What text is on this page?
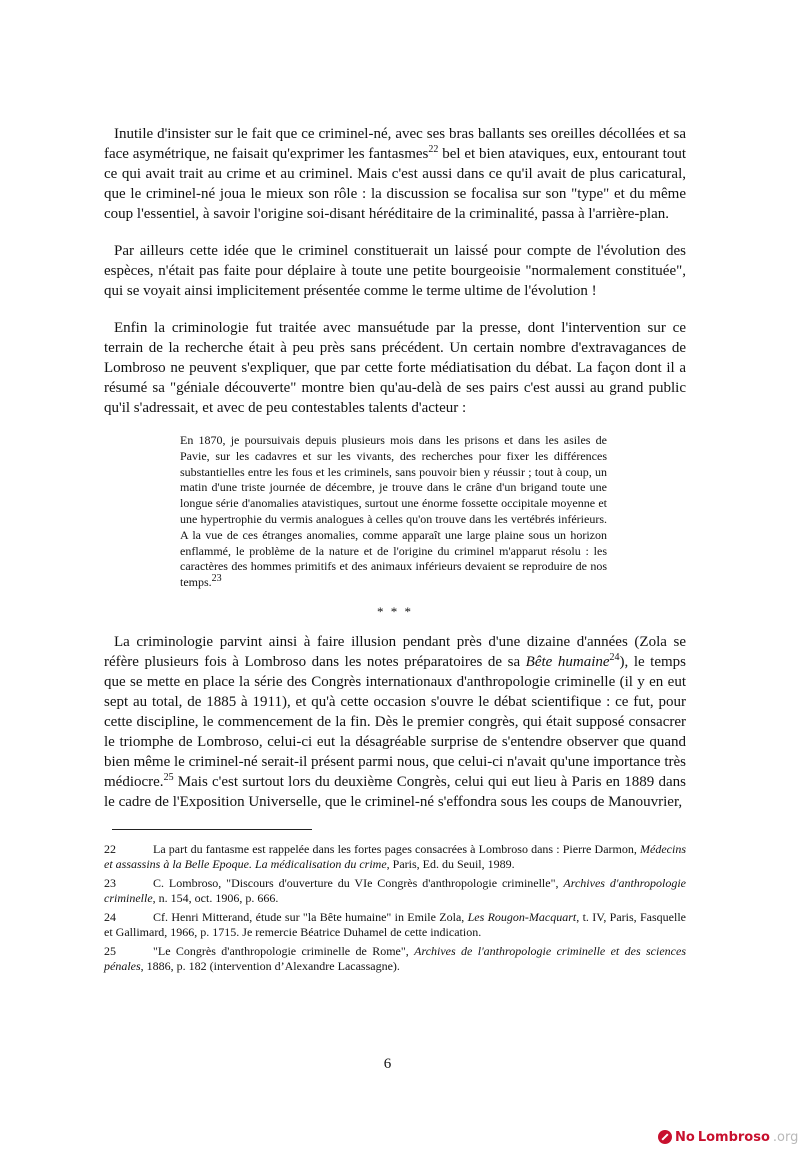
Inutile d'insister sur le fait que ce criminel-né, avec ses bras ballants ses oreilles décollées et sa face asymétrique, ne faisait qu'exprimer les fantasmes$^{22}$ bel et bien ataviques, eux, entourant tout ce qui avait trait au crime et au criminel. Mais c'est aussi dans ce qu'il avait de plus caricatural, que le criminel-né joua le mieux son rôle : la discussion se focalisa sur son "type" et du même coup l'essentiel, à savoir l'origine soi-disant héréditaire de la criminalité, passa à l'arrière-plan.

Par ailleurs cette idée que le criminel constituerait un laissé pour compte de l'évolution des espèces, n'était pas faite pour déplaire à toute une petite bourgeoisie "normalement constituée", qui se voyait ainsi implicitement présentée comme le terme ultime de l'évolution !

Enfin la criminologie fut traitée avec mansuétude par la presse, dont l'intervention sur ce terrain de la recherche était à peu près sans précédent. Un certain nombre d'extravagances de Lombroso ne peuvent s'expliquer, que par cette forte médiatisation du débat. La façon dont il a résumé sa "géniale découverte" montre bien qu'au-delà de ses pairs c'est aussi au grand public qu'il s'adressait, et avec de peu contestables talents d'acteur :

En 1870, je poursuivais depuis plusieurs mois dans les prisons et dans les asiles de Pavie, sur les cadavres et sur les vivants, des recherches pour fixer les différences substantielles entre les fous et les criminels, sans pouvoir bien y réussir ; tout à coup, un matin d'une triste journée de décembre, je trouve dans le crâne d'un brigand toute une longue série d'anomalies atavistiques, surtout une énorme fossette occipitale moyenne et une hypertrophie du vermis analogues à celles qu'on trouve dans les vertébrés inférieurs. A la vue de ces étranges anomalies, comme apparaît une large plaine sous un horizon enflammé, le problème de la nature et de l'origine du criminel m'apparut résolu : les caractères des hommes primitifs et des animaux inférieurs devaient se reproduire de nos temps.$^{23}$
* * *

La criminologie parvint ainsi à faire illusion pendant près d'une dizaine d'années (Zola se réfère plusieurs fois à Lombroso dans les notes préparatoires de sa Bête humaine$^{24}$), le temps que se mette en place la série des Congrès internationaux d'anthropologie criminelle (il y en eut sept au total, de 1885 à 1911), et qu'à cette occasion s'ouvre le débat scientifique : ce fut, pour cette discipline, le commencement de la fin. Dès le premier congrès, qui était supposé consacrer le triomphe de Lombroso, celui-ci eut la désagréable surprise de s'entendre observer que quand bien même le criminel-né serait-il présent parmi nous, que celui-ci n'avait qu'une importance très médiocre.$^{25}$ Mais c'est surtout lors du deuxième Congrès, celui qui eut lieu à Paris en 1889 dans le cadre de l'Exposition Universelle, que le criminel-né s'effondra sous les coups de Manouvrier,

22	La part du fantasme est rappelée dans les fortes pages consacrées à Lombroso dans : Pierre Darmon, Médecins et assassins à la Belle Epoque. La médicalisation du crime, Paris, Ed. du Seuil, 1989.
23	C. Lombroso, "Discours d'ouverture du VIe Congrès d'anthropologie criminelle", Archives d'anthropologie criminelle, n. 154, oct. 1906, p. 666.
24	Cf. Henri Mitterand, étude sur "la Bête humaine" in Emile Zola, Les Rougon-Macquart, t. IV, Paris, Fasquelle et Gallimard, 1966, p. 1715. Je remercie Béatrice Duhamel de cette indication.
25	"Le Congrès d'anthropologie criminelle de Rome", Archives de l'anthropologie criminelle et des sciences pénales, 1886, p. 182 (intervention d’Alexandre Lacassagne).
6
No Lombroso .org
